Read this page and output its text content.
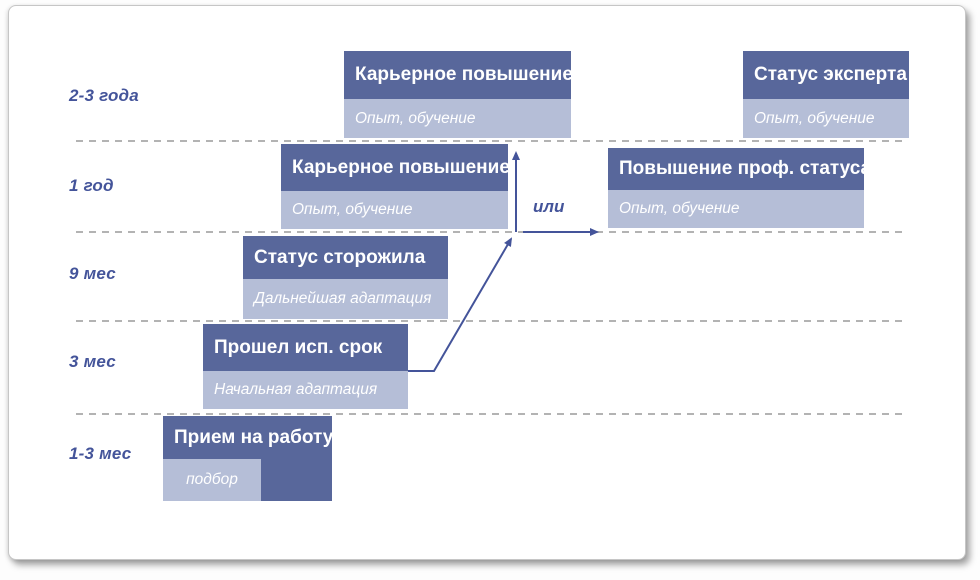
2-3 года
1 год
9 мес
3 мес
1-3 мес
Карьерное повышение
Опыт, обучение
Статус эксперта
Опыт, обучение
Карьерное повышение
Опыт, обучение
Повышение проф. статуса
Опыт, обучение
Статус сторожила
Дальнейшая адаптация
Прошел исп. срок
Начальная адаптация
Прием на работу
подбор
или
